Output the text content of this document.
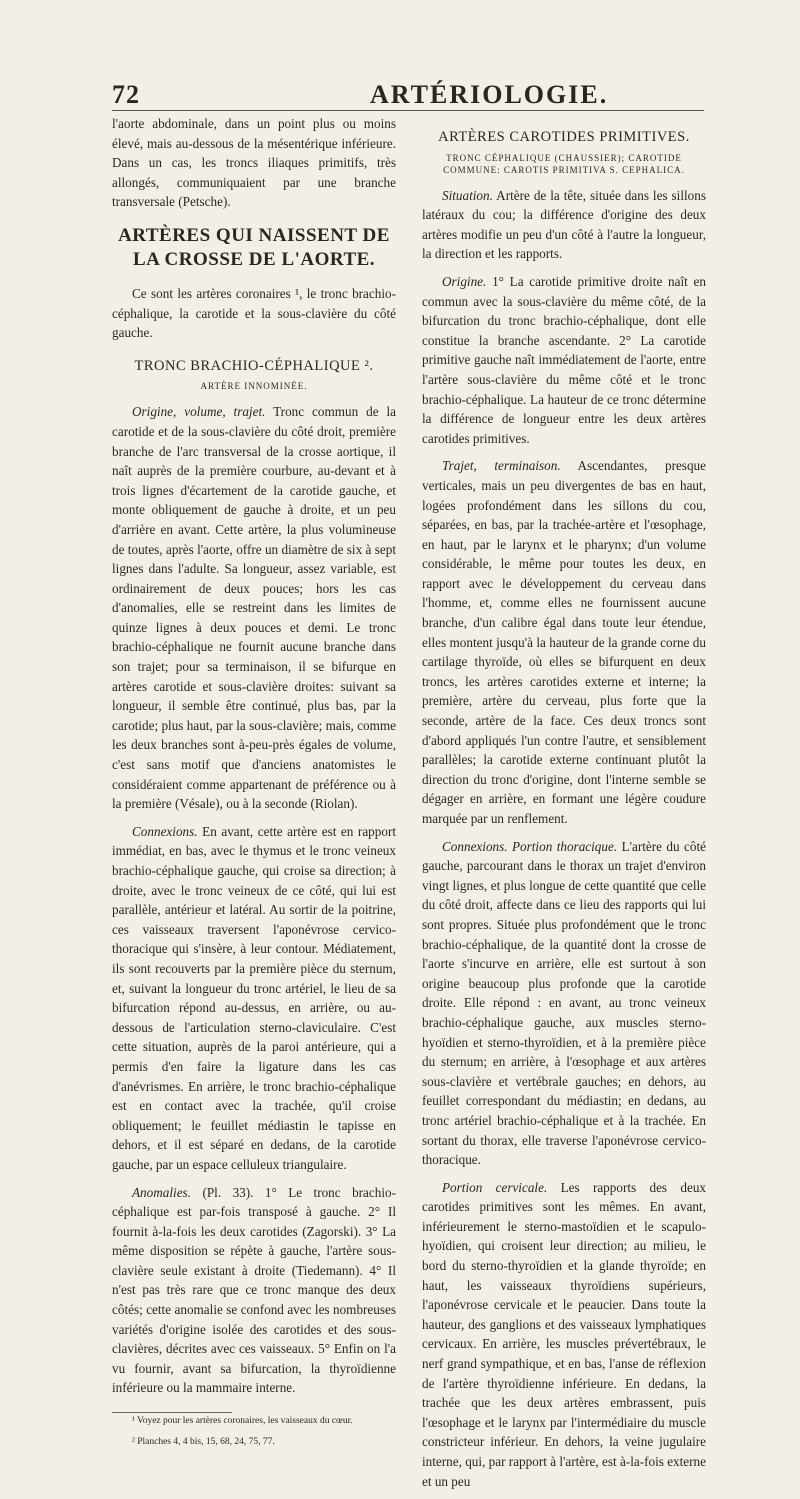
72	ARTÉRIOLOGIE.

l'aorte abdominale, dans un point plus ou moins élevé, mais au-dessous de la mésentérique inférieure. Dans un cas, les troncs iliaques primitifs, très allongés, communiquaient par une branche transversale (Petsche).

ARTÈRES QUI NAISSENT DE LA CROSSE DE L'AORTE.

Ce sont les artères coronaires ¹, le tronc brachio-céphalique, la carotide et la sous-clavière du côté gauche.

TRONC BRACHIO-CÉPHALIQUE ².
ARTÈRE INNOMINÉE.

Origine, volume, trajet. Tronc commun de la carotide et de la sous-clavière du côté droit, première branche de l'arc transversal de la crosse aortique, il naît auprès de la première courbure, au-devant et à trois lignes d'écartement de la carotide gauche, et monte obliquement de gauche à droite, et un peu d'arrière en avant. Cette artère, la plus volumineuse de toutes, après l'aorte, offre un diamètre de six à sept lignes dans l'adulte. Sa longueur, assez variable, est ordinairement de deux pouces; hors les cas d'anomalies, elle se restreint dans les limites de quinze lignes à deux pouces et demi. Le tronc brachio-céphalique ne fournit aucune branche dans son trajet; pour sa terminaison, il se bifurque en artères carotide et sous-clavière droites: suivant sa longueur, il semble être continué, plus bas, par la carotide; plus haut, par la sous-clavière; mais, comme les deux branches sont à-peu-près égales de volume, c'est sans motif que d'anciens anatomistes le considéraient comme appartenant de préférence ou à la première (Vésale), ou à la seconde (Riolan).

Connexions. En avant, cette artère est en rapport immédiat, en bas, avec le thymus et le tronc veineux brachio-céphalique gauche, qui croise sa direction; à droite, avec le tronc veineux de ce côté, qui lui est parallèle, antérieur et latéral. Au sortir de la poitrine, ces vaisseaux traversent l'aponévrose cervico-thoracique qui s'insère, à leur contour. Médiatement, ils sont recouverts par la première pièce du sternum, et, suivant la longueur du tronc artériel, le lieu de sa bifurcation répond au-dessus, en arrière, ou au-dessous de l'articulation sterno-claviculaire. C'est cette situation, auprès de la paroi antérieure, qui a permis d'en faire la ligature dans les cas d'anévrismes. En arrière, le tronc brachio-céphalique est en contact avec la trachée, qu'il croise obliquement; le feuillet médiastin le tapisse en dehors, et il est séparé en dedans, de la carotide gauche, par un espace celluleux triangulaire.

Anomalies. (Pl. 33). 1° Le tronc brachio-céphalique est par-fois transposé à gauche. 2° Il fournit à-la-fois les deux carotides (Zagorski). 3° La même disposition se répète à gauche, l'artère sous-clavière seule existant à droite (Tiedemann). 4° Il n'est pas très rare que ce tronc manque des deux côtés; cette anomalie se confond avec les nombreuses variétés d'origine isolée des carotides et des sous-clavières, décrites avec ces vaisseaux. 5° Enfin on l'a vu fournir, avant sa bifurcation, la thyroïdienne inférieure ou la mammaire interne.

¹ Voyez pour les artères coronaires, les vaisseaux du cœur.

² Planches 4, 4 bis, 15, 68, 24, 75, 77.

ARTÈRES CAROTIDES PRIMITIVES.
TRONC CÉPHALIQUE (CHAUSSIER); CAROTIDE COMMUNE: CAROTIS PRIMITIVA S. CEPHALICA.

Situation. Artère de la tête, située dans les sillons latéraux du cou; la différence d'origine des deux artères modifie un peu d'un côté à l'autre la longueur, la direction et les rapports.

Origine. 1° La carotide primitive droite naît en commun avec la sous-clavière du même côté, de la bifurcation du tronc brachio-céphalique, dont elle constitue la branche ascendante. 2° La carotide primitive gauche naît immédiatement de l'aorte, entre l'artère sous-clavière du même côté et le tronc brachio-céphalique. La hauteur de ce tronc détermine la différence de longueur entre les deux artères carotides primitives.

Trajet, terminaison. Ascendantes, presque verticales, mais un peu divergentes de bas en haut, logées profondément dans les sillons du cou, séparées, en bas, par la trachée-artère et l'œsophage, en haut, par le larynx et le pharynx; d'un volume considérable, le même pour toutes les deux, en rapport avec le développement du cerveau dans l'homme, et, comme elles ne fournissent aucune branche, d'un calibre égal dans toute leur étendue, elles montent jusqu'à la hauteur de la grande corne du cartilage thyroïde, où elles se bifurquent en deux troncs, les artères carotides externe et interne; la première, artère du cerveau, plus forte que la seconde, artère de la face. Ces deux troncs sont d'abord appliqués l'un contre l'autre, et sensiblement parallèles; la carotide externe continuant plutôt la direction du tronc d'origine, dont l'interne semble se dégager en arrière, en formant une légère coudure marquée par un renflement.

Connexions. Portion thoracique. L'artère du côté gauche, parcourant dans le thorax un trajet d'environ vingt lignes, et plus longue de cette quantité que celle du côté droit, affecte dans ce lieu des rapports qui lui sont propres. Située plus profondément que le tronc brachio-céphalique, de la quantité dont la crosse de l'aorte s'incurve en arrière, elle est surtout à son origine beaucoup plus profonde que la carotide droite. Elle répond : en avant, au tronc veineux brachio-céphalique gauche, aux muscles sterno-hyoïdien et sterno-thyroïdien, et à la première pièce du sternum; en arrière, à l'œsophage et aux artères sous-clavière et vertébrale gauches; en dehors, au feuillet correspondant du médiastin; en dedans, au tronc artériel brachio-céphalique et à la trachée. En sortant du thorax, elle traverse l'aponévrose cervico-thoracique.

Portion cervicale. Les rapports des deux carotides primitives sont les mêmes. En avant, inférieurement le sterno-mastoïdien et le scapulo-hyoïdien, qui croisent leur direction; au milieu, le bord du sterno-thyroïdien et la glande thyroïde; en haut, les vaisseaux thyroïdiens supérieurs, l'aponévrose cervicale et le peaucier. Dans toute la hauteur, des ganglions et des vaisseaux lymphatiques cervicaux. En arrière, les muscles prévertébraux, le nerf grand sympathique, et en bas, l'anse de réflexion de l'artère thyroïdienne inférieure. En dedans, la trachée que les deux artères embrassent, puis l'œsophage et le larynx par l'intermédiaire du muscle constricteur inférieur. En dehors, la veine jugulaire interne, qui, par rapport à l'artère, est à-la-fois externe et un peu
